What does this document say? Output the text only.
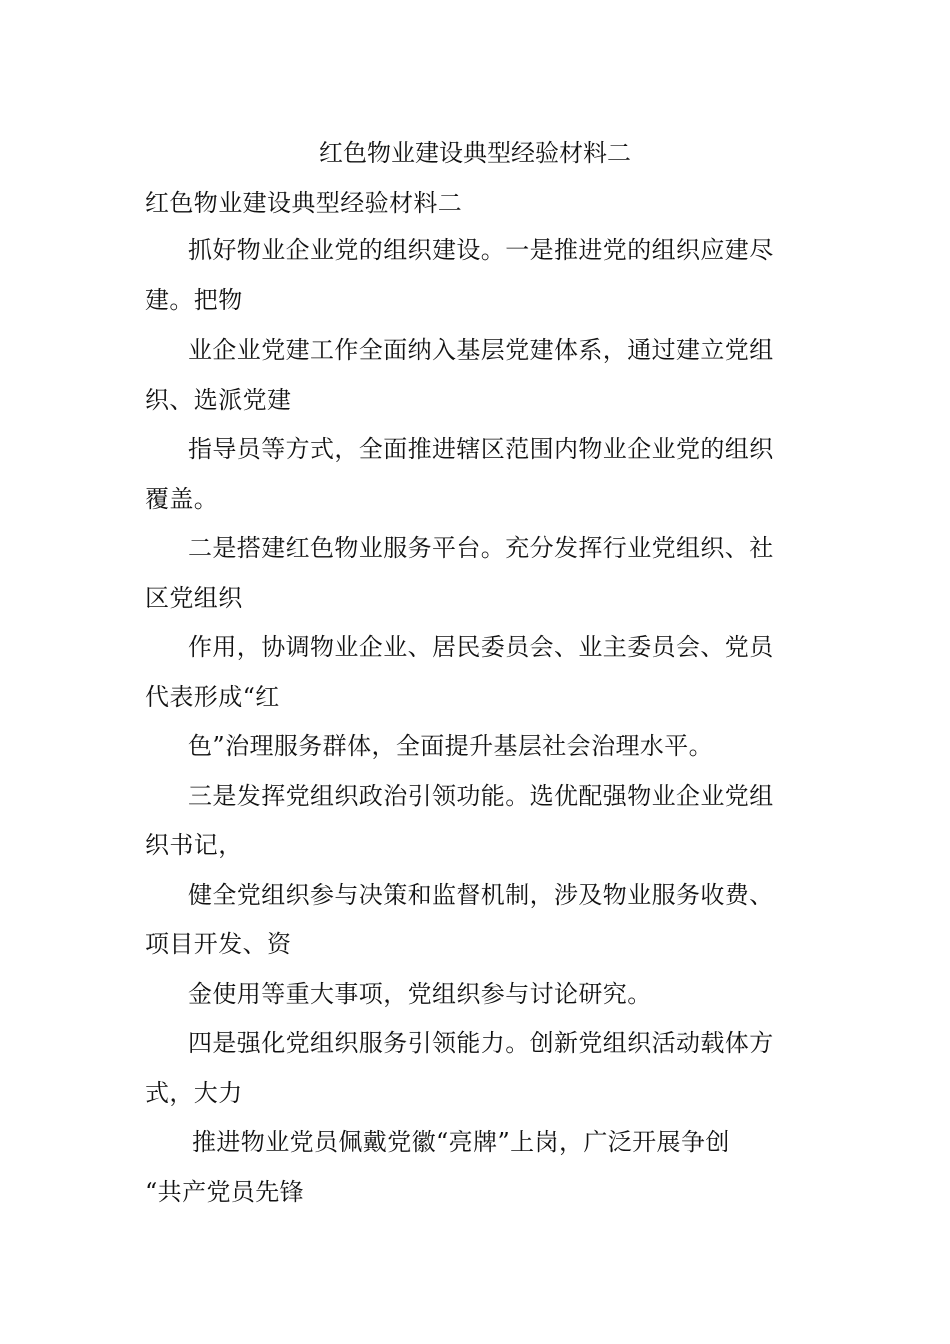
红色物业建设典型经验材料二
红色物业建设典型经验材料二
抓好物业企业党的组织建设。一是推进党的组织应建尽
建。把物
业企业党建工作全面纳入基层党建体系，通过建立党组
织、选派党建
指导员等方式，全面推进辖区范围内物业企业党的组织
覆盖。
二是搭建红色物业服务平台。充分发挥行业党组织、社
区党组织
作用，协调物业企业、居民委员会、业主委员会、党员
代表形成“红
色”治理服务群体，全面提升基层社会治理水平。
三是发挥党组织政治引领功能。选优配强物业企业党组
织书记，
健全党组织参与决策和监督机制，涉及物业服务收费、
项目开发、资
金使用等重大事项，党组织参与讨论研究。
四是强化党组织服务引领能力。创新党组织活动载体方
式，大力
推进物业党员佩戴党徽“亮牌”上岗，广泛开展争创
“共产党员先锋
